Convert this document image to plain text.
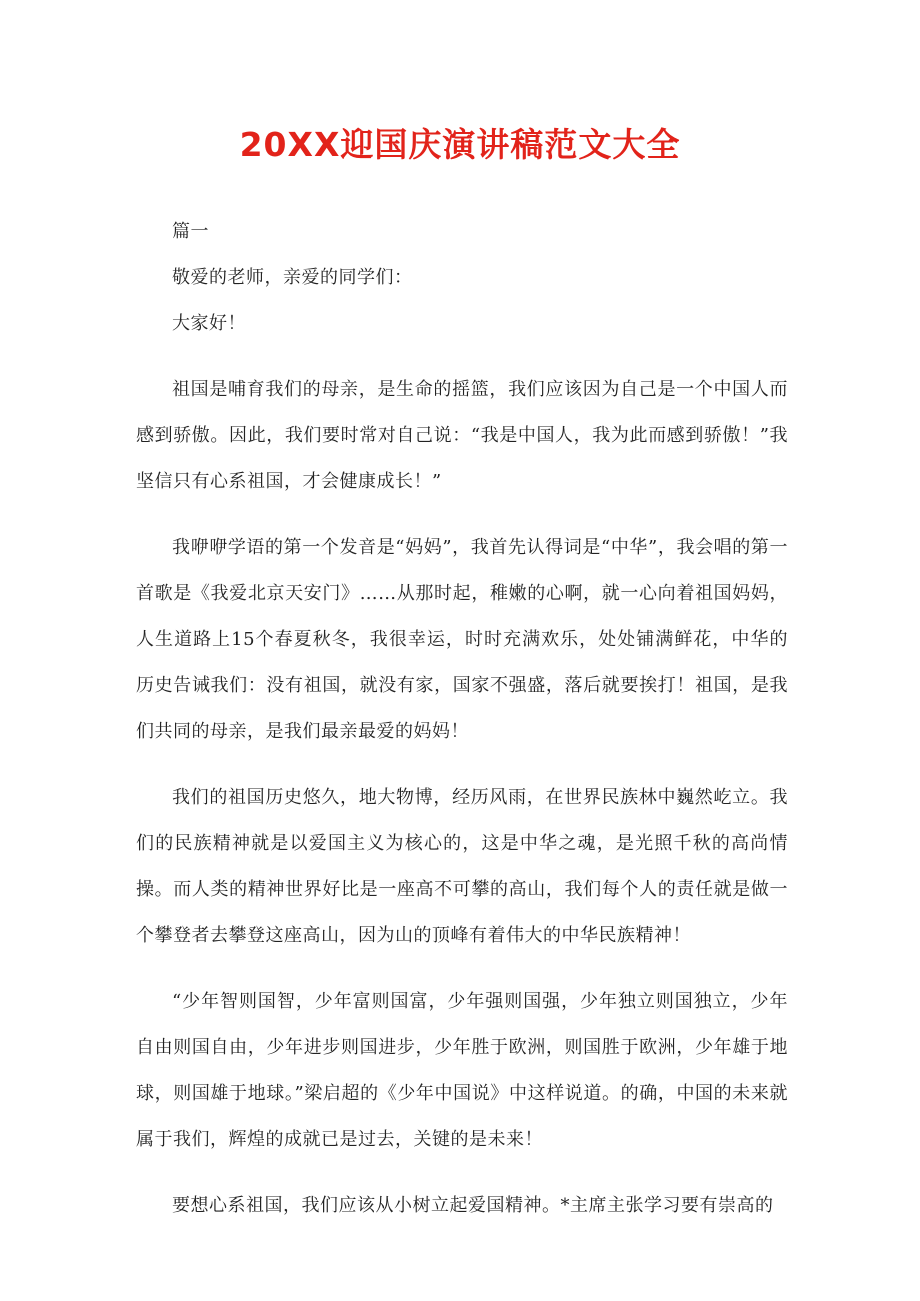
20XX迎国庆演讲稿范文大全

篇一

敬爱的老师，亲爱的同学们：

大家好！

祖国是哺育我们的母亲，是生命的摇篮，我们应该因为自己是一个中国人而感到骄傲。因此，我们要时常对自己说：“我是中国人，我为此而感到骄傲！”我坚信只有心系祖国，才会健康成长！”

我咿咿学语的第一个发音是“妈妈”，我首先认得词是“中华”，我会唱的第一首歌是《我爱北京天安门》……从那时起，稚嫩的心啊，就一心向着祖国妈妈，人生道路上15个春夏秋冬，我很幸运，时时充满欢乐，处处铺满鲜花，中华的历史告诫我们：没有祖国，就没有家，国家不强盛，落后就要挨打！祖国，是我们共同的母亲，是我们最亲最爱的妈妈！

我们的祖国历史悠久，地大物博，经历风雨，在世界民族林中巍然屹立。我们的民族精神就是以爱国主义为核心的，这是中华之魂，是光照千秋的高尚情操。而人类的精神世界好比是一座高不可攀的高山，我们每个人的责任就是做一个攀登者去攀登这座高山，因为山的顶峰有着伟大的中华民族精神！

“少年智则国智，少年富则国富，少年强则国强，少年独立则国独立，少年自由则国自由，少年进步则国进步，少年胜于欧洲，则国胜于欧洲，少年雄于地球，则国雄于地球。”梁启超的《少年中国说》中这样说道。的确，中国的未来就属于我们，辉煌的成就已是过去，关键的是未来！

要想心系祖国，我们应该从小树立起爱国精神。*主席主张学习要有崇高的
